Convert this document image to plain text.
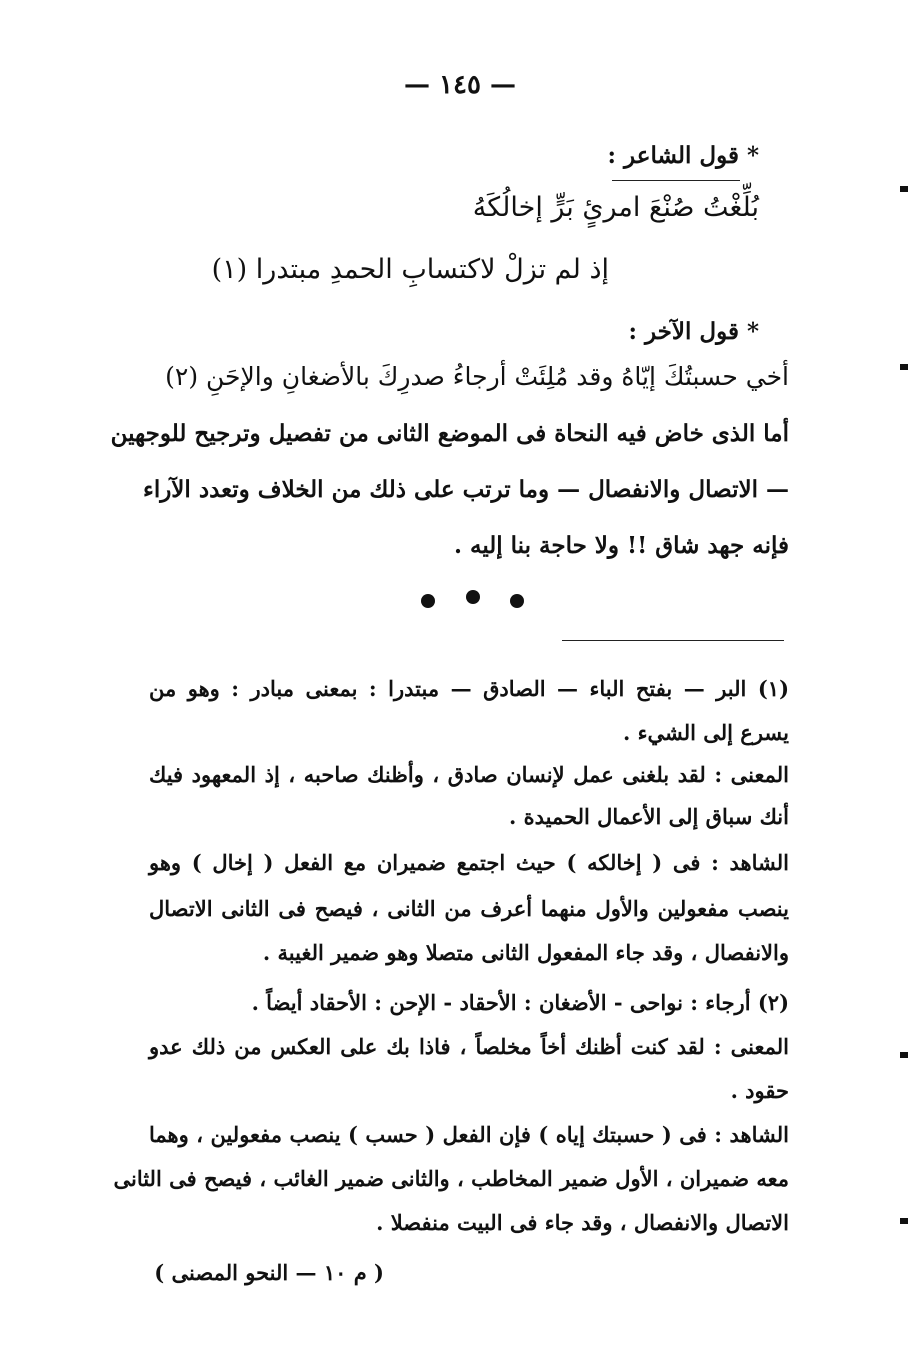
— ١٤٥ —
* قول الشاعر :
بُلِّغْتُ صُنْعَ امرئٍ بَرٍّ إخالُكَهُ
إذ لم تزلْ لاكتسابِ الحمدِ مبتدرا (١)
* قول الآخر :
أخي حسبتُكَ إيّاهُ وقد مُلِئَتْ أرجاءُ صدرِكَ بالأضغانِ والإحَنِ (٢)
أما الذى خاض فيه النحاة فى الموضع الثانى من تفصيل وترجيح للوجهين
— الاتصال والانفصال — وما ترتب على ذلك من الخلاف وتعدد الآراء
فإنه جهد شاق !! ولا حاجة بنا إليه .
(١) البر — بفتح الباء — الصادق — مبتدرا : بمعنى مبادر : وهو من
يسرع إلى الشيء .
المعنى : لقد بلغنى عمل لإنسان صادق ، وأظنك صاحبه ، إذ المعهود فيك
أنك سباق إلى الأعمال الحميدة .
الشاهد : فى ( إخالكه ) حيث اجتمع ضميران مع الفعل ( إخال ) وهو
ينصب مفعولين والأول منهما أعرف من الثانى ، فيصح فى الثانى الاتصال
والانفصال ، وقد جاء المفعول الثانى متصلا وهو ضمير الغيبة .
(٢) أرجاء : نواحى - الأضغان : الأحقاد - الإحن : الأحقاد أيضاً .
المعنى : لقد كنت أظنك أخاً مخلصاً ، فاذا بك على العكس من ذلك عدو
حقود .
الشاهد : فى ( حسبتك إياه ) فإن الفعل ( حسب ) ينصب مفعولين ، وهما
معه ضميران ، الأول ضمير المخاطب ، والثانى ضمير الغائب ، فيصح فى الثانى
الاتصال والانفصال ، وقد جاء فى البيت منفصلا .
( م ١٠ — النحو المصنى )
